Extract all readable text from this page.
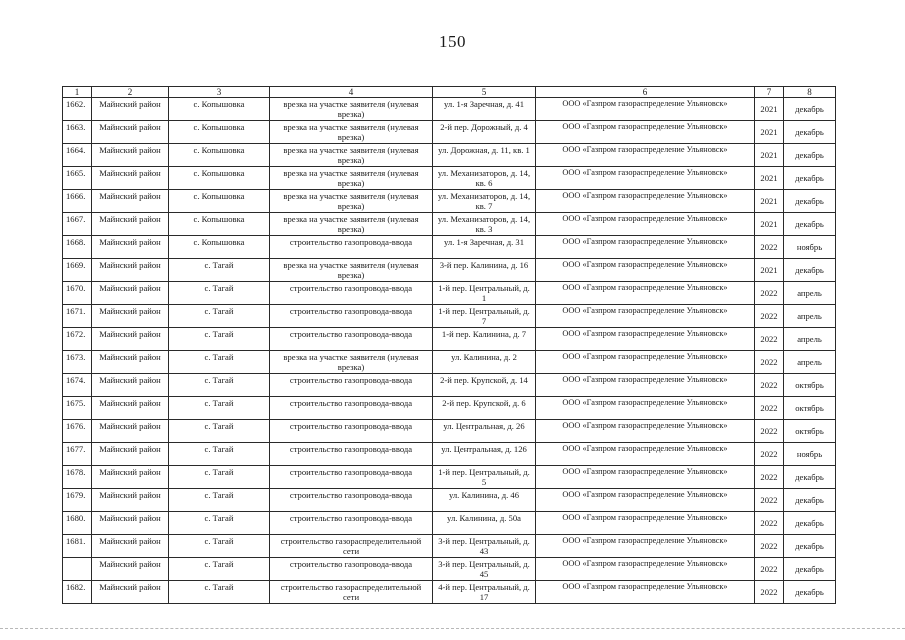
150
1	2	3	4	5	6	7	8
1662.	Майнский район	с. Копышовка	врезка на участке заявителя (нулевая врезка)	ул. 1-я Заречная, д. 41	ООО «Газпром газораспределение Ульяновск»	2021	декабрь
1663.	Майнский район	с. Копышовка	врезка на участке заявителя (нулевая врезка)	2-й пер. Дорожный, д. 4	ООО «Газпром газораспределение Ульяновск»	2021	декабрь
1664.	Майнский район	с. Копышовка	врезка на участке заявителя (нулевая врезка)	ул. Дорожная, д. 11, кв. 1	ООО «Газпром газораспределение Ульяновск»	2021	декабрь
1665.	Майнский район	с. Копышовка	врезка на участке заявителя (нулевая врезка)	ул. Механизаторов, д. 14, кв. 6	ООО «Газпром газораспределение Ульяновск»	2021	декабрь
1666.	Майнский район	с. Копышовка	врезка на участке заявителя (нулевая врезка)	ул. Механизаторов, д. 14, кв. 7	ООО «Газпром газораспределение Ульяновск»	2021	декабрь
1667.	Майнский район	с. Копышовка	врезка на участке заявителя (нулевая врезка)	ул. Механизаторов, д. 14, кв. 3	ООО «Газпром газораспределение Ульяновск»	2021	декабрь
1668.	Майнский район	с. Копышовка	строительство газопровода-ввода	ул. 1-я Заречная, д. 31	ООО «Газпром газораспределение Ульяновск»	2022	ноябрь
1669.	Майнский район	с. Тагай	врезка на участке заявителя (нулевая врезка)	3-й пер. Калинина, д. 16	ООО «Газпром газораспределение Ульяновск»	2021	декабрь
1670.	Майнский район	с. Тагай	строительство газопровода-ввода	1-й пер. Центральный, д. 1	ООО «Газпром газораспределение Ульяновск»	2022	апрель
1671.	Майнский район	с. Тагай	строительство газопровода-ввода	1-й пер. Центральный, д. 7	ООО «Газпром газораспределение Ульяновск»	2022	апрель
1672.	Майнский район	с. Тагай	строительство газопровода-ввода	1-й пер. Калинина, д. 7	ООО «Газпром газораспределение Ульяновск»	2022	апрель
1673.	Майнский район	с. Тагай	врезка на участке заявителя (нулевая врезка)	ул. Калинина, д. 2	ООО «Газпром газораспределение Ульяновск»	2022	апрель
1674.	Майнский район	с. Тагай	строительство газопровода-ввода	2-й пер. Крупской, д. 14	ООО «Газпром газораспределение Ульяновск»	2022	октябрь
1675.	Майнский район	с. Тагай	строительство газопровода-ввода	2-й пер. Крупской, д. 6	ООО «Газпром газораспределение Ульяновск»	2022	октябрь
1676.	Майнский район	с. Тагай	строительство газопровода-ввода	ул. Центральная, д. 26	ООО «Газпром газораспределение Ульяновск»	2022	октябрь
1677.	Майнский район	с. Тагай	строительство газопровода-ввода	ул. Центральная, д. 126	ООО «Газпром газораспределение Ульяновск»	2022	ноябрь
1678.	Майнский район	с. Тагай	строительство газопровода-ввода	1-й пер. Центральный, д. 5	ООО «Газпром газораспределение Ульяновск»	2022	декабрь
1679.	Майнский район	с. Тагай	строительство газопровода-ввода	ул. Калинина, д. 46	ООО «Газпром газораспределение Ульяновск»	2022	декабрь
1680.	Майнский район	с. Тагай	строительство газопровода-ввода	ул. Калинина, д. 50а	ООО «Газпром газораспределение Ульяновск»	2022	декабрь
1681.	Майнский район	с. Тагай	строительство газораспределительной сети	3-й пер. Центральный, д. 43	ООО «Газпром газораспределение Ульяновск»	2022	декабрь
	Майнский район	с. Тагай	строительство газопровода-ввода	3-й пер. Центральный, д. 45	ООО «Газпром газораспределение Ульяновск»	2022	декабрь
1682.	Майнский район	с. Тагай	строительство газораспределительной сети	4-й пер. Центральный, д. 17	ООО «Газпром газораспределение Ульяновск»	2022	декабрь
